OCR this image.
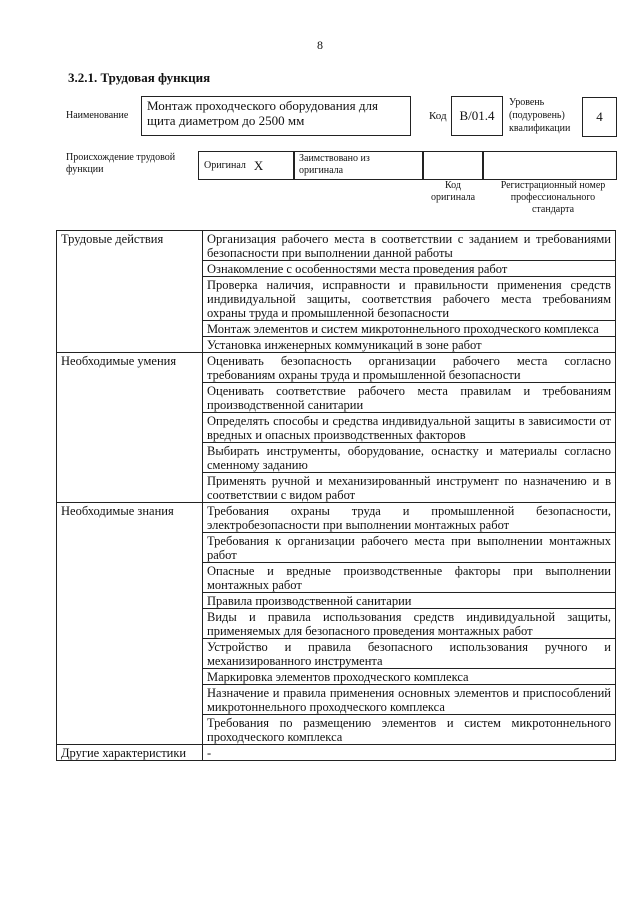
8
3.2.1. Трудовая функция
Наименование
Монтаж проходческого оборудования для щита диаметром до 2500 мм	Код B/01.4
Уровень
(подуровень)
квалификации
4
Происхождение трудовой
функции	Оригинал X	Заимствовано из
оригинала
Код
оригинала
Регистрационный номер
профессионального
стандарта
Трудовые действия	Организация рабочего места в соответствии с заданием и требованиями безопасности при выполнении данной работы
	Ознакомление с особенностями места проведения работ
	Проверка наличия, исправности и правильности применения средств индивидуальной защиты, соответствия рабочего места требованиям охраны труда и промышленной безопасности
	Монтаж элементов и систем микротоннельного проходческого комплекса
	Установка инженерных коммуникаций в зоне работ
Необходимые умения	Оценивать безопасность организации рабочего места согласно требованиям охраны труда и промышленной безопасности
	Оценивать соответствие рабочего места правилам и требованиям производственной санитарии
	Определять способы и средства индивидуальной защиты в зависимости от вредных и опасных производственных факторов
	Выбирать инструменты, оборудование, оснастку и материалы согласно сменному заданию
	Применять ручной и механизированный инструмент по назначению и в соответствии с видом работ
Необходимые знания	Требования охраны труда и промышленной безопасности, электробезопасности при выполнении монтажных работ
	Требования к организации рабочего места при выполнении монтажных работ
	Опасные и вредные производственные факторы при выполнении монтажных работ
	Правила производственной санитарии
	Виды и правила использования средств индивидуальной защиты, применяемых для безопасного проведения монтажных работ
	Устройство и правила безопасного использования ручного и механизированного инструмента
	Маркировка элементов проходческого комплекса
	Назначение и правила применения основных элементов и приспособлений микротоннельного проходческого комплекса
	Требования по размещению элементов и систем микротоннельного проходческого комплекса
Другие характеристики	-
